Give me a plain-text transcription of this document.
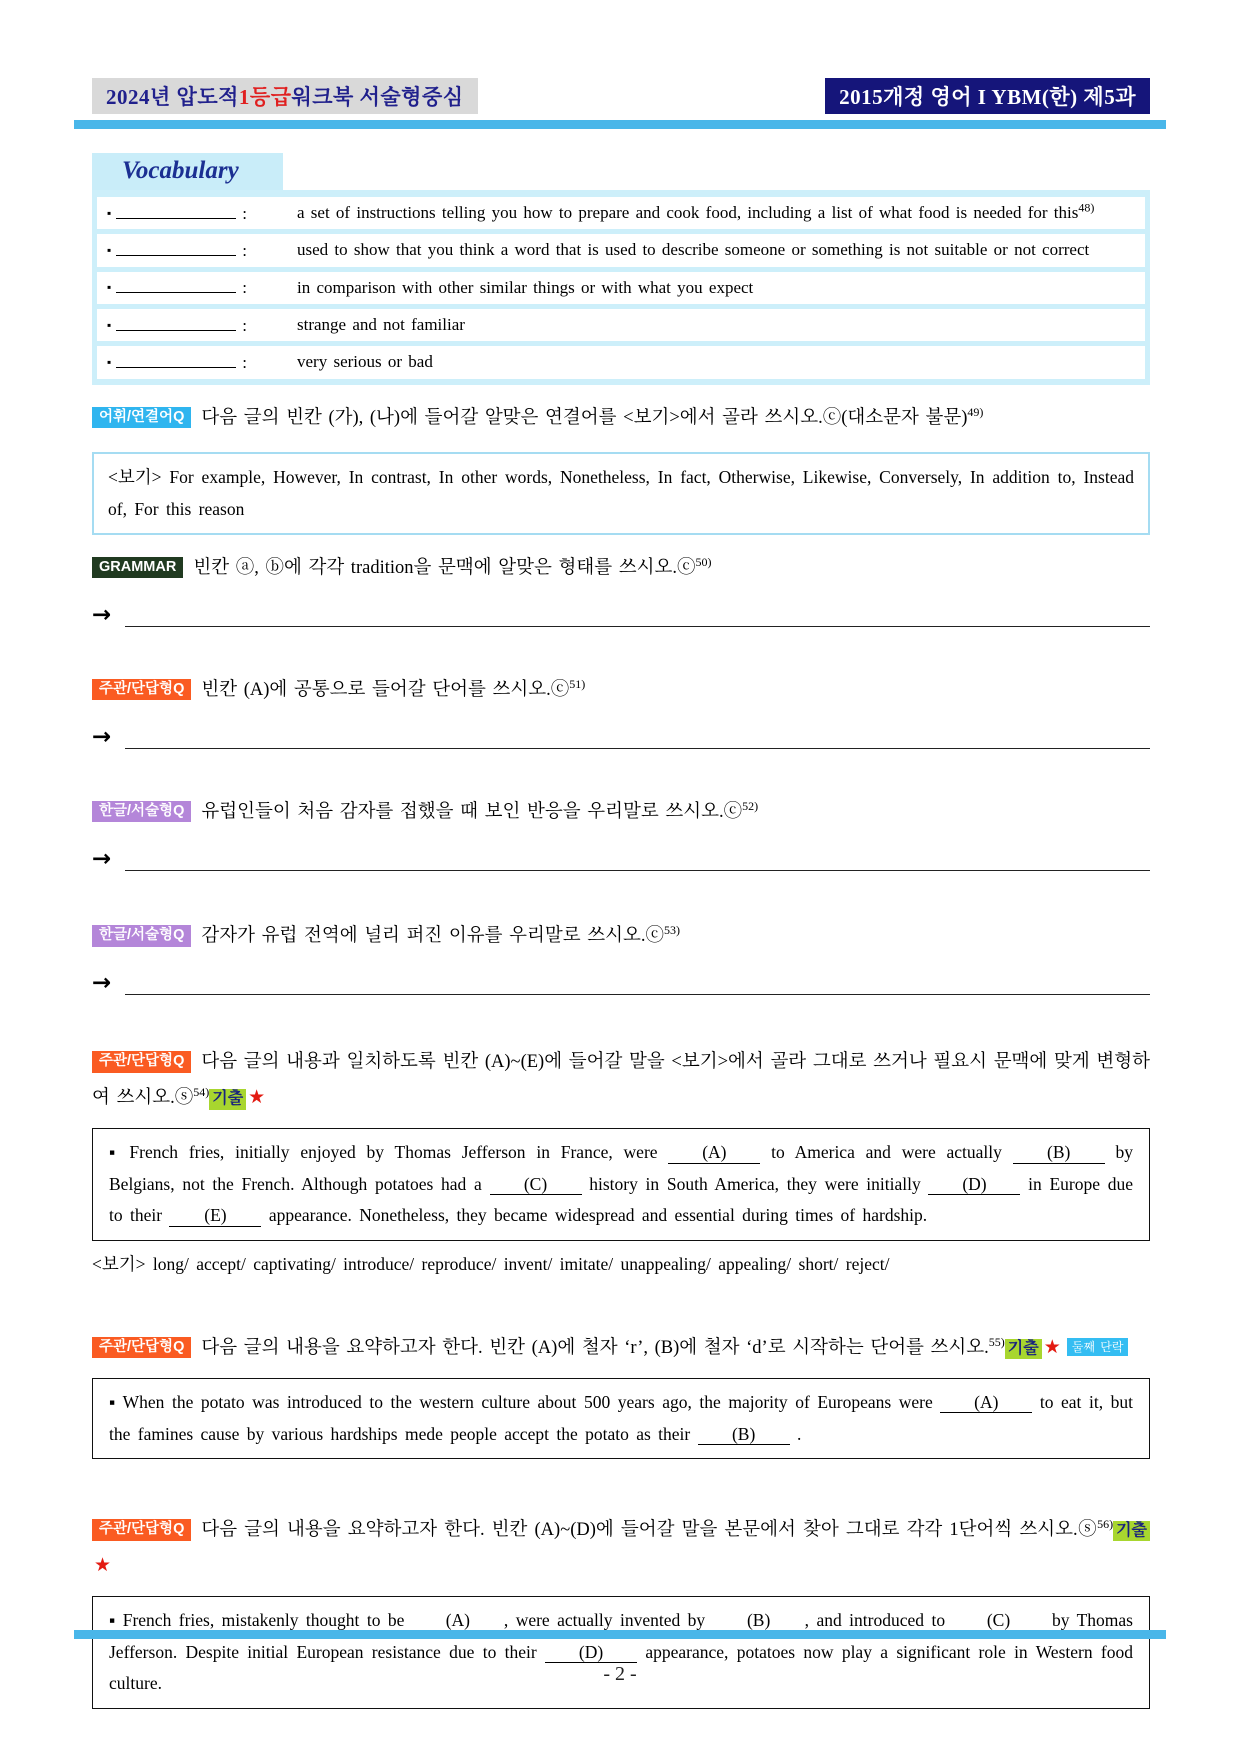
2024년 압도적1등급워크북 서술형중심	2015개정 영어 I YBM(한) 제5과
Vocabulary
▪	:	a set of instructions telling you how to prepare and cook food, including a list of what food is needed for this$^{48)}$
▪	:	used to show that you think a word that is used to describe someone or something is not suitable or not correct
▪	:	in comparison with other similar things or with what you expect
▪	:	strange and not familiar
▪	:	very serious or bad

어휘/연결어Q 다음 글의 빈칸 (가), (나)에 들어갈 알맞은 연결어를 <보기>에서 골라 쓰시오.ⓒ(대소문자 불문)$^{49)}$

<보기> For example, However, In contrast, In other words, Nonetheless, In fact, Otherwise, Likewise, Conversely, In addition to, Instead of, For this reason

GRAMMAR 빈칸 ⓐ, ⓑ에 각각 tradition을 문맥에 알맞은 형태를 쓰시오.ⓒ$^{50)}$

→

주관/단답형Q 빈칸 (A)에 공통으로 들어갈 단어를 쓰시오.ⓒ$^{51)}$

→

한글/서술형Q 유럽인들이 처음 감자를 접했을 때 보인 반응을 우리말로 쓰시오.ⓒ$^{52)}$

→

한글/서술형Q 감자가 유럽 전역에 널리 퍼진 이유를 우리말로 쓰시오.ⓒ$^{53)}$

→

주관/단답형Q 다음 글의 내용과 일치하도록 빈칸 (A)~(E)에 들어갈 말을 <보기>에서 골라 그대로 쓰거나 필요시 문맥에 맞게 변형하여 쓰시오.ⓢ$^{54)}$ 기출 ★

▪ French fries, initially enjoyed by Thomas Jefferson in France, were (A) to America and were actually (B) by Belgians, not the French. Although potatoes had a (C) history in South America, they were initially (D) in Europe due to their (E) appearance. Nonetheless, they became widespread and essential during times of hardship.

<보기> long/ accept/ captivating/ introduce/ reproduce/ invent/ imitate/ unappealing/ appealing/ short/ reject/

주관/단답형Q 다음 글의 내용을 요약하고자 한다. 빈칸 (A)에 철자 ‘r’, (B)에 철자 ‘d’로 시작하는 단어를 쓰시오.$^{55)}$ 기출 ★ 둘째 단락

▪ When the potato was introduced to the western culture about 500 years ago, the majority of Europeans were (A) to eat it, but the famines cause by various hardships mede people accept the potato as their (B) .

주관/단답형Q 다음 글의 내용을 요약하고자 한다. 빈칸 (A)~(D)에 들어갈 말을 본문에서 찾아 그대로 각각 1단어씩 쓰시오.ⓢ$^{56)}$ 기출★

▪ French fries, mistakenly thought to be (A) , were actually invented by (B) , and introduced to (C) by Thomas Jefferson. Despite initial European resistance due to their (D) appearance, potatoes now play a significant role in Western food culture.	- 2 -
